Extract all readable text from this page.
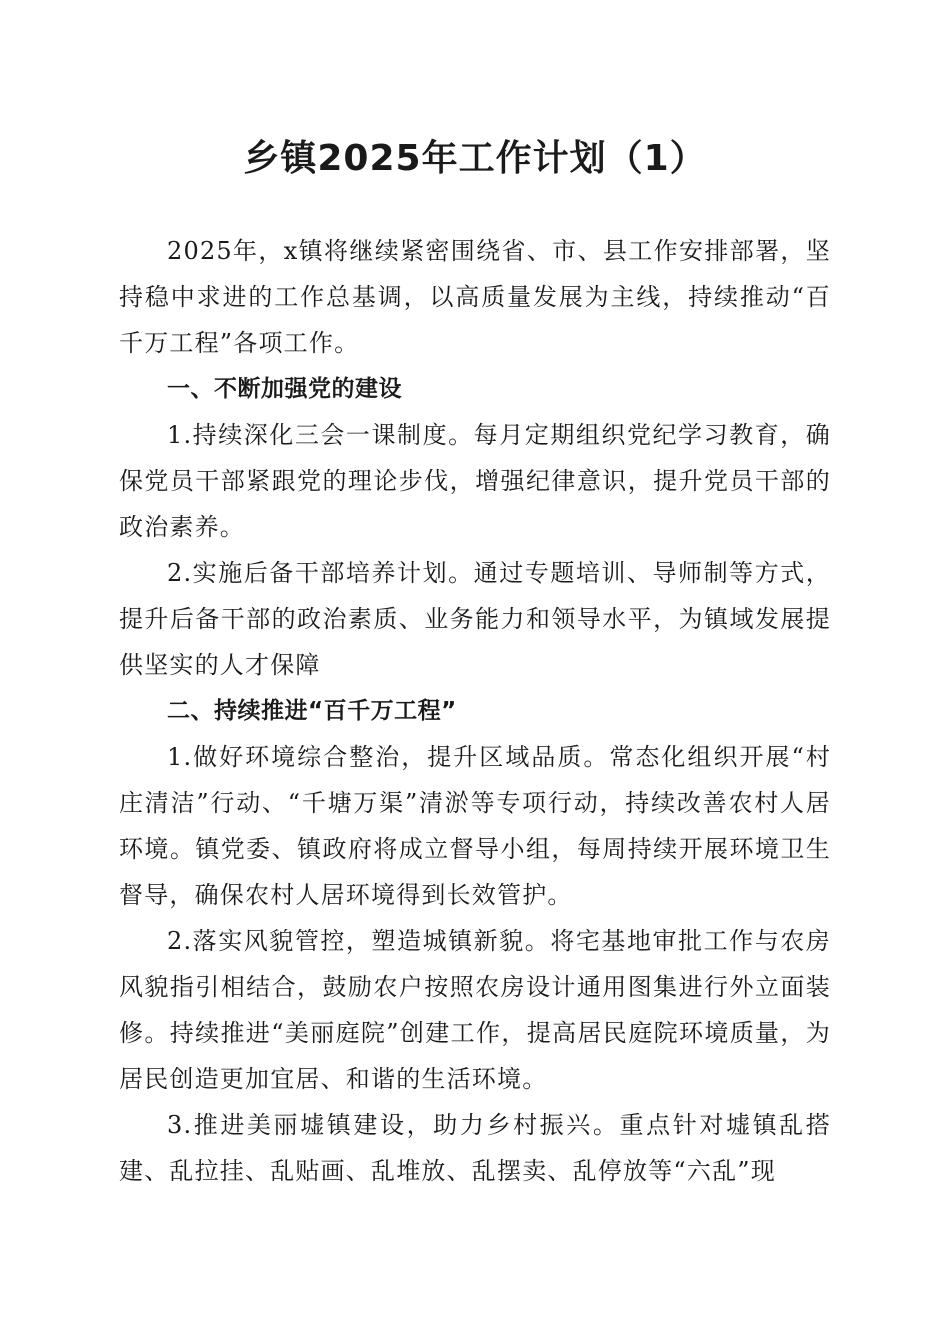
乡镇2025年工作计划（1）

2025年，x镇将继续紧密围绕省、市、县工作安排部署，坚持稳中求进的工作总基调，以高质量发展为主线，持续推动“百千万工程”各项工作。

一、不断加强党的建设

1.持续深化三会一课制度。每月定期组织党纪学习教育，确保党员干部紧跟党的理论步伐，增强纪律意识，提升党员干部的政治素养。

2.实施后备干部培养计划。通过专题培训、导师制等方式，提升后备干部的政治素质、业务能力和领导水平，为镇域发展提供坚实的人才保障

二、持续推进“百千万工程”

1.做好环境综合整治，提升区域品质。常态化组织开展“村庄清洁”行动、“千塘万渠”清淤等专项行动，持续改善农村人居环境。镇党委、镇政府将成立督导小组，每周持续开展环境卫生督导，确保农村人居环境得到长效管护。

2.落实风貌管控，塑造城镇新貌。将宅基地审批工作与农房风貌指引相结合，鼓励农户按照农房设计通用图集进行外立面装修。持续推进“美丽庭院”创建工作，提高居民庭院环境质量，为居民创造更加宜居、和谐的生活环境。

3.推进美丽墟镇建设，助力乡村振兴。重点针对墟镇乱搭建、乱拉挂、乱贴画、乱堆放、乱摆卖、乱停放等“六乱”现
